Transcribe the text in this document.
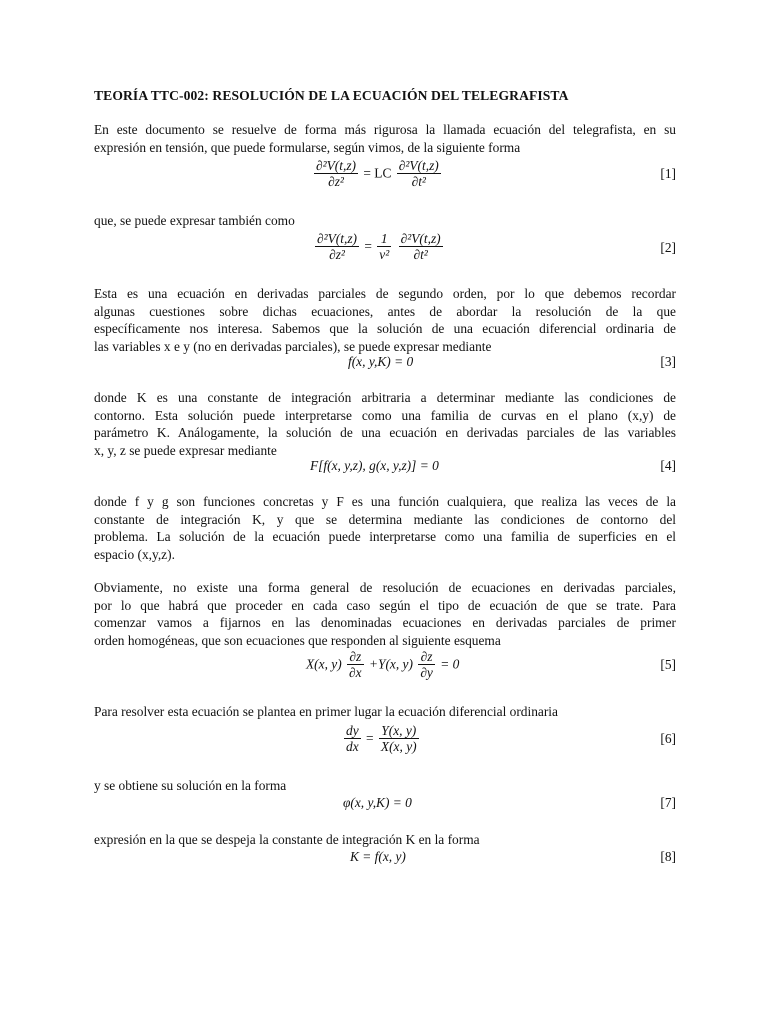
TEORÍA TTC-002: RESOLUCIÓN DE LA ECUACIÓN DEL TELEGRAFISTA

En este documento se resuelve de forma más rigurosa la llamada ecuación del telegrafista, en su
expresión en tensión, que puede formularse, según vimos, de la siguiente forma

$\frac{\text{∂²V(t,z)}}{\text{∂z²}}$ = LC $\frac{\text{∂²V(t,z)}}{\text{∂t²}}$	[1]

que, se puede expresar también como

$\frac{\text{∂²V(t,z)}}{\text{∂z²}} = \frac{1}{\text{v²}}$
$\frac{\text{∂²V(t,z)}}{\text{∂t²}}$	[2]

Esta es una ecuación en derivadas parciales de segundo orden, por lo que debemos recordar
algunas cuestiones sobre dichas ecuaciones, antes de abordar la resolución de la que
específicamente nos interesa. Sabemos que la solución de una ecuación diferencial ordinaria de
las variables x e y (no en derivadas parciales), se puede expresar mediante

f(x, y,K) = 0	[3]

donde K es una constante de integración arbitraria a determinar mediante las condiciones de
contorno. Esta solución puede interpretarse como una familia de curvas en el plano (x,y) de
parámetro K. Análogamente, la solución de una ecuación en derivadas parciales de las variables
x, y, z se puede expresar mediante

F[f(x, y,z), g(x, y,z)] = 0	[4]

donde f y g son funciones concretas y F es una función cualquiera, que realiza las veces de la
constante de integración K, y que se determina mediante las condiciones de contorno del
problema. La solución de la ecuación puede interpretarse como una familia de superficies en el
espacio (x,y,z).

Obviamente, no existe una forma general de resolución de ecuaciones en derivadas parciales,
por lo que habrá que proceder en cada caso según el tipo de ecuación de que se trate. Para
comenzar vamos a fijarnos en las denominadas ecuaciones en derivadas parciales de primer
orden homogéneas, que son ecuaciones que responden al siguiente esquema

X(x, $y) \frac{\partial z}{\partial x} +Y(x$, $y) \frac{\partial z}{\partial y} = 0$	[5]

Para resolver esta ecuación se plantea en primer lugar la ecuación diferencial ordinaria

$\frac{dy}{dx} = \frac{Y(x, y)}{X(x, y)}$	[6]

y se obtiene su solución en la forma

φ(x, y,K) = 0	[7]

expresión en la que se despeja la constante de integración K en la forma

K = f(x, y)	[8]
